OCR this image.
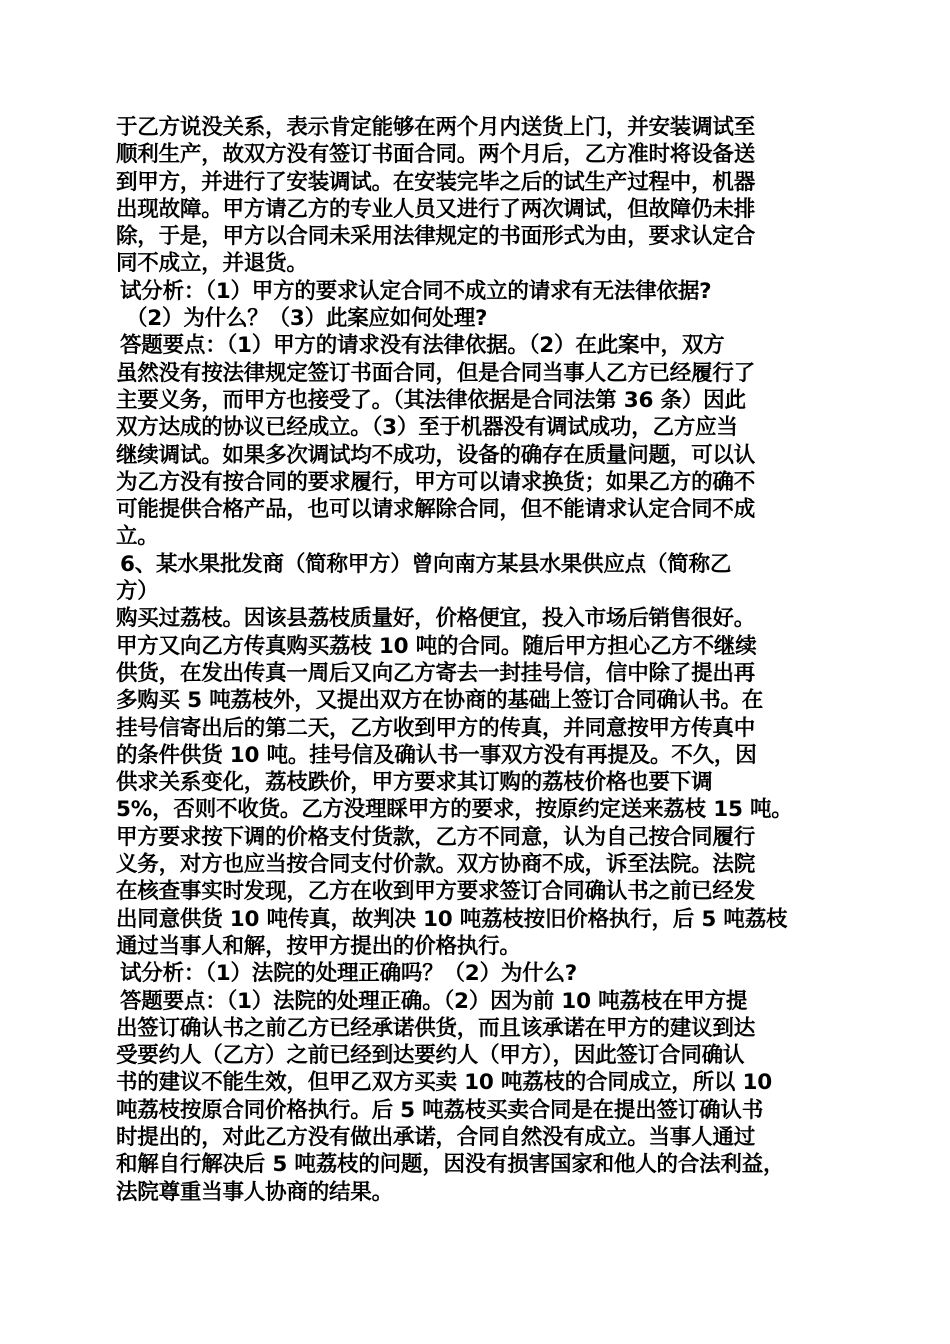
于乙方说没关系，表示肯定能够在两个月内送货上门，并安装调试至
顺利生产，故双方没有签订书面合同。两个月后，乙方准时将设备送
到甲方，并进行了安装调试。在安装完毕之后的试生产过程中，机器
出现故障。甲方请乙方的专业人员又进行了两次调试，但故障仍未排
除，于是，甲方以合同未采用法律规定的书面形式为由，要求认定合
同不成立，并退货。
试分析：（1）甲方的要求认定合同不成立的请求有无法律依据?
（2）为什么？（3）此案应如何处理?
答题要点：（1）甲方的请求没有法律依据。（2）在此案中，双方
虽然没有按法律规定签订书面合同，但是合同当事人乙方已经履行了
主要义务，而甲方也接受了。（其法律依据是合同法第 36 条）因此
双方达成的协议已经成立。（3）至于机器没有调试成功，乙方应当
继续调试。如果多次调试均不成功，设备的确存在质量问题，可以认
为乙方没有按合同的要求履行，甲方可以请求换货；如果乙方的确不
可能提供合格产品，也可以请求解除合同，但不能请求认定合同不成
立。
6、某水果批发商（简称甲方）曾向南方某县水果供应点（简称乙
方）
购买过荔枝。因该县荔枝质量好，价格便宜，投入市场后销售很好。
甲方又向乙方传真购买荔枝 10 吨的合同。随后甲方担心乙方不继续
供货，在发出传真一周后又向乙方寄去一封挂号信，信中除了提出再
多购买 5 吨荔枝外，又提出双方在协商的基础上签订合同确认书。在
挂号信寄出后的第二天，乙方收到甲方的传真，并同意按甲方传真中
的条件供货 10 吨。挂号信及确认书一事双方没有再提及。不久，因
供求关系变化，荔枝跌价，甲方要求其订购的荔枝价格也要下调
5%，否则不收货。乙方没理睬甲方的要求，按原约定送来荔枝 15 吨。
甲方要求按下调的价格支付货款，乙方不同意，认为自己按合同履行
义务，对方也应当按合同支付价款。双方协商不成，诉至法院。法院
在核查事实时发现，乙方在收到甲方要求签订合同确认书之前已经发
出同意供货 10 吨传真，故判决 10 吨荔枝按旧价格执行，后 5 吨荔枝
通过当事人和解，按甲方提出的价格执行。
试分析：（1）法院的处理正确吗？（2）为什么?
答题要点：（1）法院的处理正确。（2）因为前 10 吨荔枝在甲方提
出签订确认书之前乙方已经承诺供货，而且该承诺在甲方的建议到达
受要约人（乙方）之前已经到达要约人（甲方），因此签订合同确认
书的建议不能生效，但甲乙双方买卖 10 吨荔枝的合同成立，所以 10
吨荔枝按原合同价格执行。后 5 吨荔枝买卖合同是在提出签订确认书
时提出的，对此乙方没有做出承诺，合同自然没有成立。当事人通过
和解自行解决后 5 吨荔枝的问题，因没有损害国家和他人的合法利益，
法院尊重当事人协商的结果。
